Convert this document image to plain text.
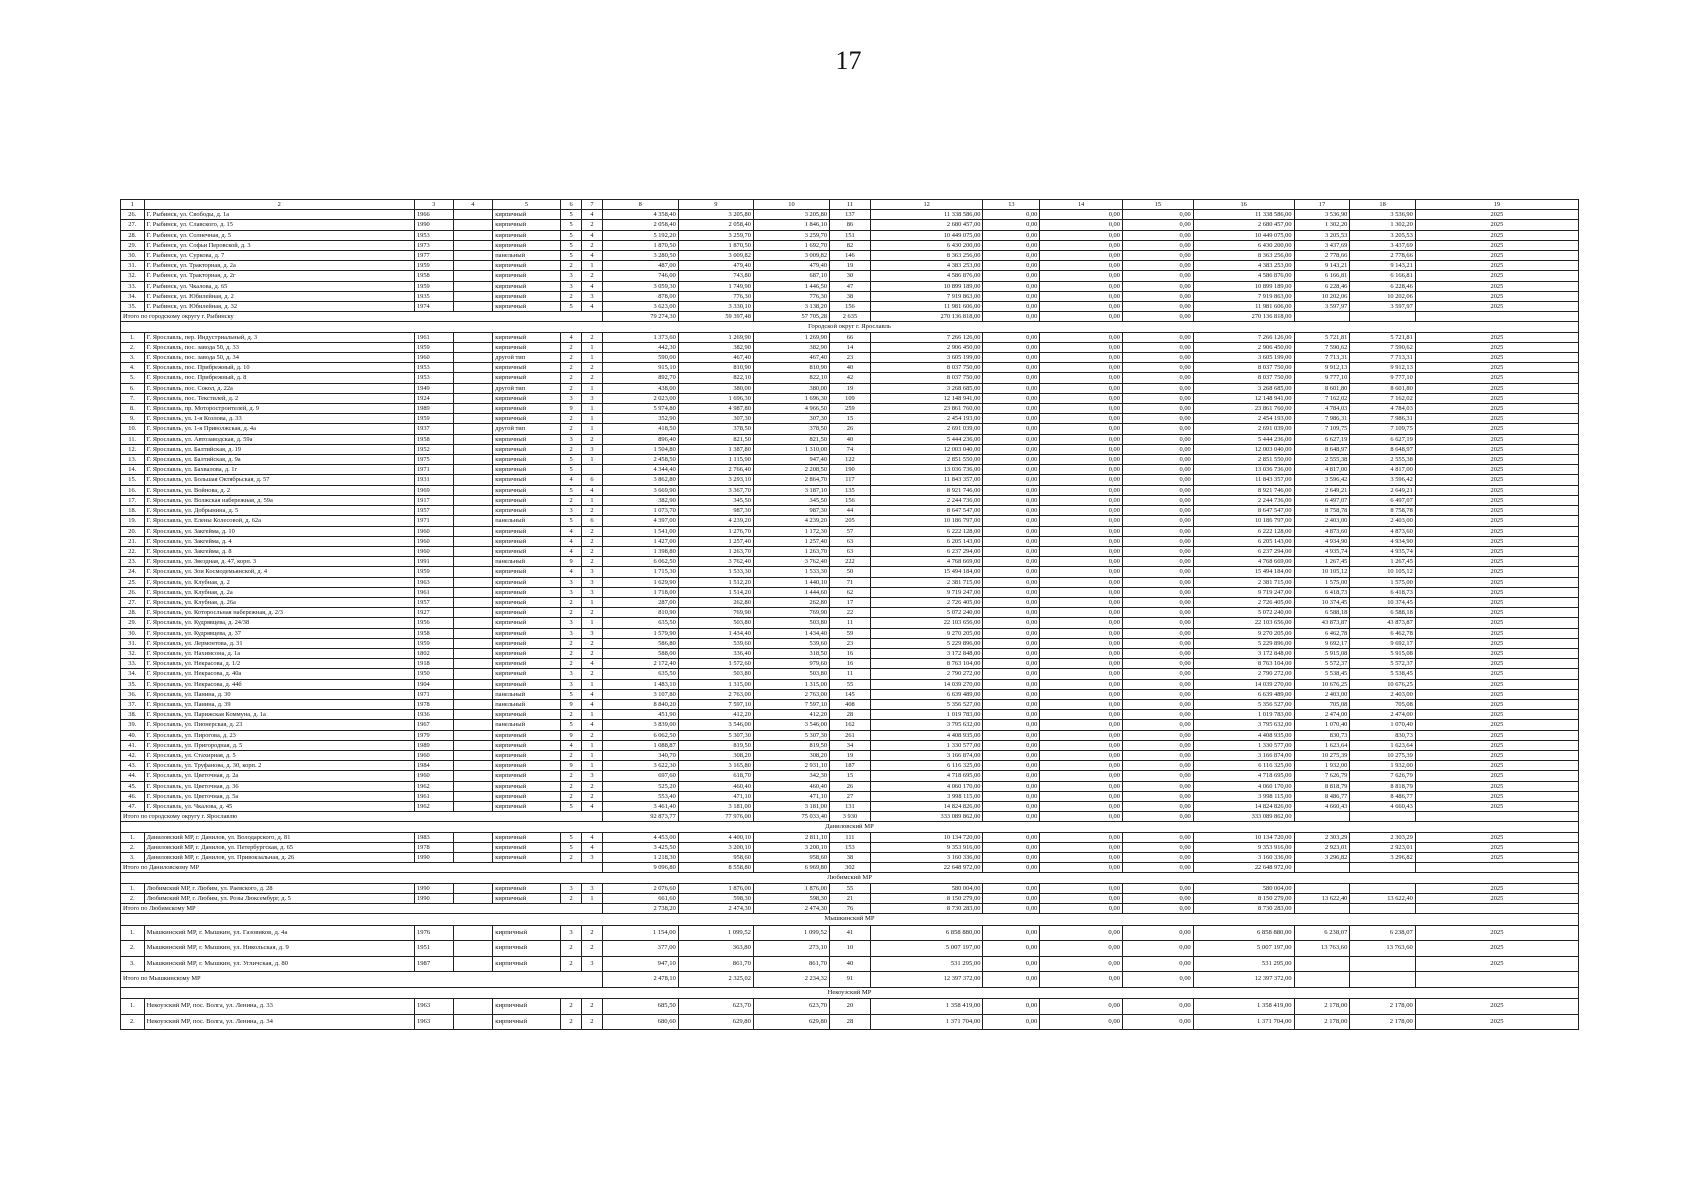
17
1	2	3	4	5	6	7	8	9	10	11	12	13	14	15	16	17	18	19
26.	Г. Рыбинск, ул. Свободы, д. 1а	1966		кирпичный	5	4	4 358,40	3 205,80	3 205,80	137	11 338 586,00	0,00	0,00	0,00	11 338 586,00	3 536,90	3 536,90	2025
27.	Г. Рыбинск, ул. Славского, д. 15	1990		кирпичный	5	2	2 058,40	2 058,40	1 846,10	86	2 680 457,00	0,00	0,00	0,00	2 680 457,00	1 302,20	1 302,20	2025
28.	Г. Рыбинск, ул. Солнечная, д. 5	1953		кирпичный	5	4	5 192,20	3 259,70	3 259,70	151	10 449 075,00	0,00	0,00	0,00	10 449 075,00	3 205,53	3 205,53	2025
29.	Г. Рыбинск, ул. Софьи Перовской, д. 3	1973		кирпичный	5	2	1 870,50	1 870,50	1 692,70	82	6 430 200,00	0,00	0,00	0,00	6 430 200,00	3 437,69	3 437,69	2025
30.	Г. Рыбинск, ул. Суркова, д. 7	1977		панельный	5	4	3 280,50	3 009,82	3 009,82	146	8 363 256,00	0,00	0,00	0,00	8 363 256,00	2 778,66	2 778,66	2025
31.	Г. Рыбинск, ул. Тракторная, д. 2а	1959		кирпичный	2	1	487,00	479,40	479,40	19	4 383 253,00	0,00	0,00	0,00	4 383 253,00	9 143,21	9 143,21	2025
32.	Г. Рыбинск, ул. Тракторная, д. 2г	1958		кирпичный	3	2	746,00	743,80	687,10	30	4 586 876,00	0,00	0,00	0,00	4 586 876,00	6 166,81	6 166,81	2025
33.	Г. Рыбинск, ул. Чкалова, д. 65	1959		кирпичный	3	4	3 059,30	1 749,90	1 446,50	47	10 899 189,00	0,00	0,00	0,00	10 899 189,00	6 228,46	6 228,46	2025
34.	Г. Рыбинск, ул. Юбилейная, д. 2	1935		кирпичный	2	3	878,00	776,30	776,30	38	7 919 863,00	0,00	0,00	0,00	7 919 863,00	10 202,06	10 202,06	2025
35.	Г. Рыбинск, ул. Юбилейная, д. 32	1974		кирпичный	5	4	3 623,00	3 330,10	3 138,20	156	11 981 606,00	0,00	0,00	0,00	11 981 606,00	3 597,97	3 597,97	2025
Итого по городскому округу г. Рыбинску							79 274,30	59 397,48	57 705,28	2 635	270 136 818,00	0,00	0,00	0,00	270 136 818,00			
Городской округ г. Ярославль																		
1.	Г. Ярославль, пер. Индустриальный, д. 3	1961		кирпичный	4	2	1 373,60	1 269,90	1 269,90	66	7 266 126,00	0,00	0,00	0,00	7 266 126,00	5 721,81	5 721,81	2025
2.	Г. Ярославль, пос. завода 50, д. 33	1959		кирпичный	2	1	442,30	382,90	382,90	14	2 906 450,00	0,00	0,00	0,00	2 906 450,00	7 590,62	7 590,62	2025
3.	Г. Ярославль, пос. завода 50, д. 34	1960		другой тип	2	1	590,00	467,40	467,40	23	3 605 199,00	0,00	0,00	0,00	3 605 199,00	7 713,31	7 713,31	2025
4.	Г. Ярославль, пос. Прибрежный, д. 10	1953		кирпичный	2	2	915,10	810,90	810,90	40	8 037 750,00	0,00	0,00	0,00	8 037 750,00	9 912,13	9 912,13	2025
5.	Г. Ярославль, пос. Прибрежный, д. 8	1953		кирпичный	2	2	892,70	822,10	822,10	42	8 037 750,00	0,00	0,00	0,00	8 037 750,00	9 777,10	9 777,10	2025
6.	Г. Ярославль, пос. Сокол, д. 22а	1949		другой тип	2	1	438,00	380,00	380,00	19	3 268 685,00	0,00	0,00	0,00	3 268 685,00	8 601,80	8 601,80	2025
7.	Г. Ярославль, пос. Текстилей, д. 2	1924		кирпичный	3	3	2 023,00	1 696,30	1 696,30	109	12 148 941,00	0,00	0,00	0,00	12 148 941,00	7 162,02	7 162,02	2025
8.	Г. Ярославль, пр. Моторостроителей, д. 9	1989		кирпичный	9	1	5 974,80	4 987,80	4 966,50	259	23 861 760,00	0,00	0,00	0,00	23 861 760,00	4 784,03	4 784,03	2025
9.	Г. Ярославль, ул. 1-я Козлова, д. 33	1959		кирпичный	2	1	352,90	307,30	307,30	15	2 454 193,00	0,00	0,00	0,00	2 454 193,00	7 986,31	7 986,31	2025
10.	Г. Ярославль, ул. 1-я Приволжская, д. 4а	1937		другой тип	2	1	418,50	378,50	378,50	26	2 691 039,00	0,00	0,00	0,00	2 691 039,00	7 109,75	7 109,75	2025
11.	Г. Ярославль, ул. Автозаводская, д. 59а	1958		кирпичный	3	2	896,40	821,50	821,50	40	5 444 236,00	0,00	0,00	0,00	5 444 236,00	6 627,19	6 627,19	2025
12.	Г. Ярославль, ул. Балтийская, д. 19	1952		кирпичный	2	3	1 504,80	1 387,80	1 310,00	74	12 003 040,00	0,00	0,00	0,00	12 003 040,00	8 648,97	8 648,97	2025
13.	Г. Ярославль, ул. Балтийская, д. 9а	1975		кирпичный	5	1	2 458,50	1 115,90	947,40	122	2 851 550,00	0,00	0,00	0,00	2 851 550,00	2 555,38	2 555,38	2025
14.	Г. Ярославль, ул. Бахвалова, д. 1г	1971		кирпичный	5		4 344,40	2 766,40	2 208,50	190	13 036 736,00	0,00	0,00	0,00	13 036 736,00	4 817,00	4 817,00	2025
15.	Г. Ярославль, ул. Большая Октябрьская, д. 57	1931		кирпичный	4	6	3 862,80	3 293,10	2 864,70	117	11 843 357,00	0,00	0,00	0,00	11 843 357,00	3 596,42	3 596,42	2025
16.	Г. Ярославль, ул. Войнова, д. 2	1969		кирпичный	5	4	3 669,90	3 367,70	3 187,10	135	8 921 746,00	0,00	0,00	0,00	8 921 746,00	2 649,21	2 649,21	2025
17.	Г. Ярославль, ул. Волжская набережная, д. 59а	1917		кирпичный	2	1	382,90	345,50	345,50	156	2 244 736,00	0,00	0,00	0,00	2 244 736,00	6 497,07	6 497,07	2025
18.	Г. Ярославль, ул. Добрынина, д. 5	1957		кирпичный	3	2	1 073,70	987,30	987,30	44	8 647 547,00	0,00	0,00	0,00	8 647 547,00	8 758,78	8 758,78	2025
19.	Г. Ярославль, ул. Елены Колесовой, д. 62а	1971		панельный	5	6	4 397,00	4 239,20	4 239,20	205	10 186 797,00	0,00	0,00	0,00	10 186 797,00	2 403,00	2 403,00	2025
20.	Г. Ярославль, ул. Закгейма, д. 10	1960		кирпичный	4	2	1 541,00	1 276,70	1 172,30	57	6 222 128,00	0,00	0,00	0,00	6 222 128,00	4 873,60	4 873,60	2025
21.	Г. Ярославль, ул. Закгейма, д. 4	1960		кирпичный	4	2	1 427,00	1 257,40	1 257,40	63	6 205 143,00	0,00	0,00	0,00	6 205 143,00	4 934,90	4 934,90	2025
22.	Г. Ярославль, ул. Закгейма, д. 8	1960		кирпичный	4	2	1 398,80	1 263,70	1 263,70	63	6 237 294,00	0,00	0,00	0,00	6 237 294,00	4 935,74	4 935,74	2025
23.	Г. Ярославль, ул. Звездная, д. 47, корп. 3	1991		панельный	9	2	6 062,50	3 762,40	3 762,40	222	4 768 669,00	0,00	0,00	0,00	4 768 669,00	1 267,45	1 267,45	2025
24.	Г. Ярославль, ул. Зои Космодемьянской, д. 4	1959		кирпичный	4	3	1 715,30	1 533,30	1 533,30	50	15 494 184,00	0,00	0,00	0,00	15 494 184,00	10 105,12	10 105,12	2025
25.	Г. Ярославль, ул. Клубная, д. 2	1963		кирпичный	3	3	1 629,90	1 512,20	1 440,10	71	2 381 715,00	0,00	0,00	0,00	2 381 715,00	1 575,00	1 575,00	2025
26.	Г. Ярославль, ул. Клубная, д. 2а	1961		кирпичный	3	3	1 718,00	1 514,20	1 444,60	62	9 719 247,00	0,00	0,00	0,00	9 719 247,00	6 418,73	6 418,73	2025
27.	Г. Ярославль, ул. Клубная, д. 26а	1957		кирпичный	2	1	287,00	262,80	262,80	17	2 726 405,00	0,00	0,00	0,00	2 726 405,00	10 374,45	10 374,45	2025
28.	Г. Ярославль, ул. Которосльная набережная, д. 2/3	1927		кирпичный	2	2	810,90	769,90	769,90	22	5 072 240,00	0,00	0,00	0,00	5 072 240,00	6 588,18	6 588,18	2025
29.	Г. Ярославль, ул. Кудрявцева, д. 24/38	1956		кирпичный	3	1	635,50	503,80	503,80	11	22 103 656,00	0,00	0,00	0,00	22 103 656,00	43 873,87	43 873,87	2025
30.	Г. Ярославль, ул. Кудрявцева, д. 37	1958		кирпичный	3	3	1 579,90	1 434,40	1 434,40	59	9 270 205,00	0,00	0,00	0,00	9 270 205,00	6 462,78	6 462,78	2025
31.	Г. Ярославль, ул. Лермонтова, д. 31	1959		кирпичный	2	2	586,80	539,60	539,60	23	5 229 896,00	0,00	0,00	0,00	5 229 896,00	9 692,17	9 692,17	2025
32.	Г. Ярославль, ул. Нахимсона, д. 1а	1802		кирпичный	2	2	588,00	336,40	318,50	16	3 172 848,00	0,00	0,00	0,00	3 172 848,00	5 915,08	5 915,08	2025
33.	Г. Ярославль, ул. Некрасова, д. 1/2	1918		кирпичный	2	4	2 172,40	1 572,60	979,60	16	8 763 104,00	0,00	0,00	0,00	8 763 104,00	5 572,37	5 572,37	2025
34.	Г. Ярославль, ул. Некрасова, д. 40а	1950		кирпичный	3	2	635,50	503,80	503,80	11	2 790 272,00	0,00	0,00	0,00	2 790 272,00	5 538,45	5 538,45	2025
35.	Г. Ярославль, ул. Некрасова, д. 44б	1904		кирпичный	3	1	1 483,10	1 315,00	1 315,00	55	14 039 270,00	0,00	0,00	0,00	14 039 270,00	10 676,25	10 676,25	2025
36.	Г. Ярославль, ул. Панина, д. 30	1971		панельный	5	4	3 107,80	2 763,00	2 763,00	145	6 639 489,00	0,00	0,00	0,00	6 639 489,00	2 403,00	2 403,00	2025
37.	Г. Ярославль, ул. Панина, д. 39	1978		панельный	9	4	8 840,20	7 597,10	7 597,10	408	5 356 527,00	0,00	0,00	0,00	5 356 527,00	705,08	705,08	2025
38.	Г. Ярославль, ул. Парижская Коммуна, д. 1а	1936		кирпичный	2	1	451,90	412,20	412,20	28	1 019 783,00	0,00	0,00	0,00	1 019 783,00	2 474,00	2 474,00	2025
39.	Г. Ярославль, ул. Пионерская, д. 23	1967		панельный	5	4	3 839,00	3 546,00	3 546,00	162	3 795 632,00	0,00	0,00	0,00	3 795 632,00	1 070,40	1 070,40	2025
40.	Г. Ярославль, ул. Пирогова, д. 23	1979		кирпичный	9	2	6 062,50	5 307,30	5 307,30	261	4 408 935,00	0,00	0,00	0,00	4 408 935,00	830,73	830,73	2025
41.	Г. Ярославль, ул. Пригородная, д. 5	1989		кирпичный	4	1	1 088,87	819,50	819,50	34	1 330 577,00	0,00	0,00	0,00	1 330 577,00	1 623,64	1 623,64	2025
42.	Г. Ярославль, ул. Стахирная, д. 5	1960		кирпичный	2	1	340,70	308,20	308,20	19	3 166 874,00	0,00	0,00	0,00	3 166 874,00	10 275,39	10 275,39	2025
43.	Г. Ярославль, ул. Труфанова, д. 30, корп. 2	1984		кирпичный	9	1	3 622,30	3 165,80	2 931,10	187	6 116 325,00	0,00	0,00	0,00	6 116 325,00	1 932,00	1 932,00	2025
44.	Г. Ярославль, ул. Цветочная, д. 2а	1960		кирпичный	2	3	697,60	618,70	342,30	15	4 718 695,00	0,00	0,00	0,00	4 718 695,00	7 626,79	7 626,79	2025
45.	Г. Ярославль, ул. Цветочная, д. 36	1962		кирпичный	2	2	525,20	460,40	460,40	26	4 060 170,00	0,00	0,00	0,00	4 060 170,00	8 818,79	8 818,79	2025
46.	Г. Ярославль, ул. Цветочная, д. 5а	1961		кирпичный	2	2	553,40	471,10	471,10	27	3 998 115,00	0,00	0,00	0,00	3 998 115,00	8 486,77	8 486,77	2025
47.	Г. Ярославль, ул. Чкалова, д. 45	1962		кирпичный	5	4	3 461,40	3 181,00	3 181,00	131	14 824 826,00	0,00	0,00	0,00	14 824 826,00	4 660,43	4 660,43	2025
Итого по городскому округу г. Ярославлю							92 873,77	77 976,00	75 033,40	3 930	333 089 862,00	0,00	0,00	0,00	333 089 862,00			
Даниловский МР																		
1.	Даниловский МР, г. Данилов, ул. Володарского, д. 81	1983		кирпичный	5	4	4 453,00	4 400,10	2 811,10	111	10 134 720,00	0,00	0,00	0,00	10 134 720,00	2 303,29	2 303,29	2025
2.	Даниловский МР, г. Данилов, ул. Петербургская, д. 65	1978		кирпичный	5	4	3 425,50	3 200,10	3 200,10	153	9 353 916,00	0,00	0,00	0,00	9 353 916,00	2 923,01	2 923,01	2025
3.	Даниловский МР, г. Данилов, ул. Привокзальная, д. 26	1990		кирпичный	2	3	1 218,30	958,60	958,60	38	3 160 336,00	0,00	0,00	0,00	3 160 336,00	3 296,82	3 296,82	2025
Итого по Даниловскому МР							9 096,80	8 558,80	6 969,80	302	22 648 972,00	0,00	0,00	0,00	22 648 972,00			
Любимский МР																		
1.	Любимский МР, г. Любим, ул. Раевского, д. 28	1990		кирпичный	3	3	2 076,60	1 876,00	1 876,00	55	580 004,00	0,00	0,00	0,00	580 004,00			2025
2.	Любимский МР, г. Любим, ул. Розы Люксембург, д. 5	1990		кирпичный	2	1	661,60	598,30	598,30	21	8 150 279,00	0,00	0,00	0,00	8 150 279,00	13 622,40	13 622,40	2025
Итого по Любимскому МР							2 738,20	2 474,30	2 474,30	76	8 730 283,00	0,00	0,00	0,00	8 730 283,00			
Мышкинский МР																		
1.	Мышкинский МР, г. Мышкин, ул. Газовиков, д. 4а	1976		кирпичный	3	2	1 154,00	1 099,52	1 099,52	41	6 858 880,00	0,00	0,00	0,00	6 858 880,00	6 238,07	6 238,07	2025
2.	Мышкинский МР, г. Мышкин, ул. Никольская, д. 9	1951		кирпичный	2	2	377,00	363,80	273,10	10	5 007 197,00	0,00	0,00	0,00	5 007 197,00	13 763,60	13 763,60	2025
3.	Мышкинский МР, г. Мышкин, ул. Угличская, д. 80	1987		кирпичный	2	3	947,10	861,70	861,70	40	531 295,00	0,00	0,00	0,00	531 295,00			2025
Итого по Мышкинскому МР							2 478,10	2 325,02	2 234,32	91	12 397 372,00	0,00	0,00	0,00	12 397 372,00			
Некоузский МР																		
1.	Некоузский МР, пос. Волга, ул. Ленина, д. 33	1963		кирпичный	2	2	685,50	623,70	623,70	20	1 358 419,00	0,00	0,00	0,00	1 358 419,00	2 178,00	2 178,00	2025
2.	Некоузский МР, пос. Волга, ул. Ленина, д. 34	1963		кирпичный	2	2	680,60	629,80	629,80	28	1 371 704,00	0,00	0,00	0,00	1 371 704,00	2 178,00	2 178,00	2025
